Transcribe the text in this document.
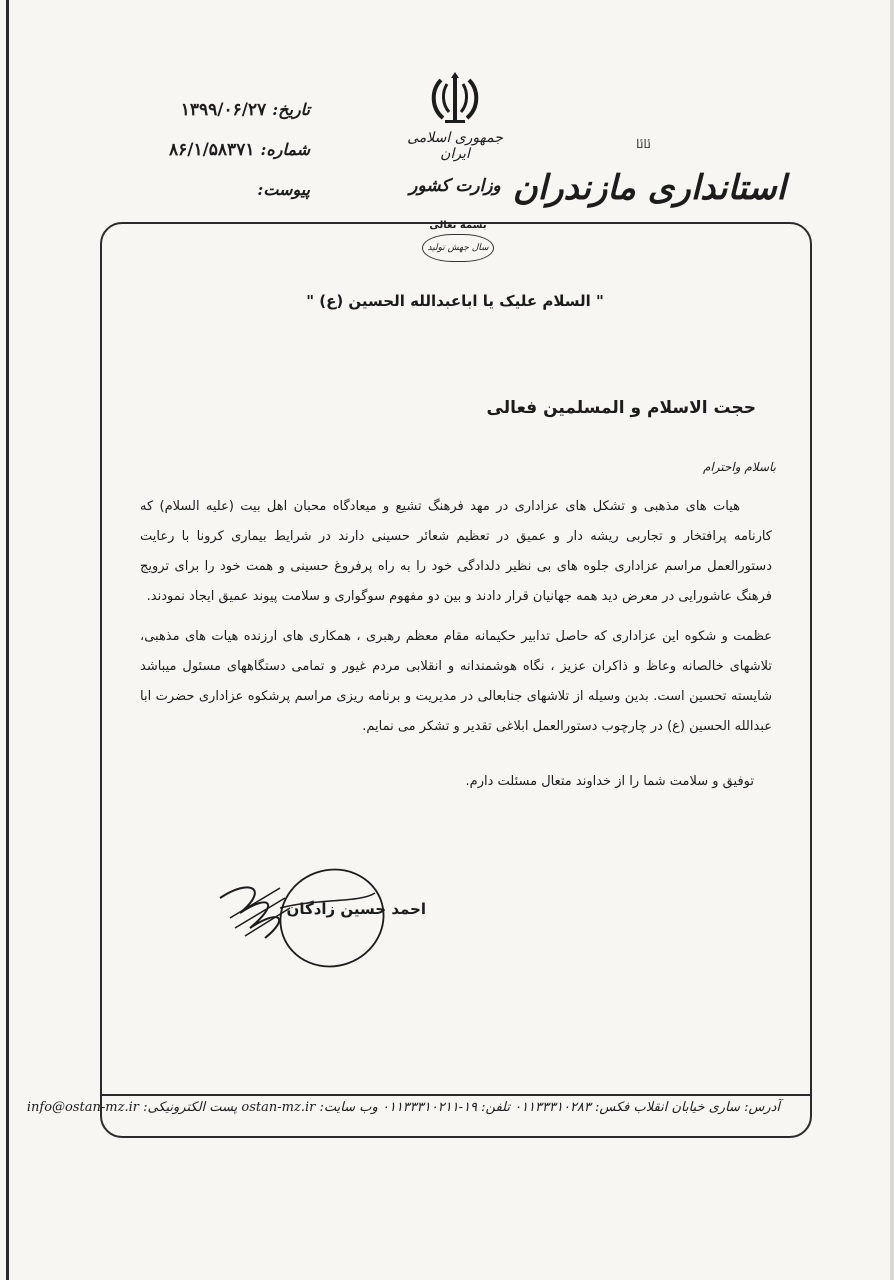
تاریخ:
۱۳۹۹/۰۶/۲۷
شماره:
۸۶/۱/۵۸۳۷۱
پیوست:
جمهوری اسلامی ایران
وزارت کشور
ﯪﯪ
استانداری مازندران
بسمه تعالی
سال جهش تولید
" السلام علیک یا اباعبدالله الحسین (ع) "
حجت الاسلام و المسلمین فعالی
باسلام واحترام

هیات های مذهبی و تشکل های عزاداری در مهد فرهنگ تشیع و میعادگاه محبان اهل بیت (علیه السلام) که کارنامه پرافتخار و تجاربی ریشه دار و عمیق در تعظیم شعائر حسینی دارند در شرایط بیماری کرونا با رعایت دستورالعمل مراسم عزاداری جلوه های بی نظیر دلدادگی خود را به راه پرفروغ حسینی و همت خود را برای ترویج فرهنگ عاشورایی در معرض دید همه جهانیان قرار دادند و بین دو مفهوم سوگواری و سلامت پیوند عمیق ایجاد نمودند.

عظمت و شکوه این عزاداری که حاصل تدابیر حکیمانه مقام معظم رهبری ، همکاری های ارزنده هیات های مذهبی، تلاشهای خالصانه وعاظ و ذاکران عزیز ، نگاه هوشمندانه و انقلابی مردم غیور و تمامی دستگاههای مسئول میباشد شایسته تحسین است. بدین وسیله از تلاشهای جنابعالی در مدیریت و برنامه ریزی مراسم پرشکوه عزاداری حضرت ابا عبدالله الحسین (ع) در چارچوب دستورالعمل ابلاغی تقدیر و تشکر می نمایم.

توفیق و سلامت شما را از خداوند متعال مسئلت دارم.
احمد حسین زادگان
آدرس: ساری خیابان انقلاب فکس: ۰۱۱۳۳۳۱۰۲۸۳ تلفن: ۱۹-۰۱۱۳۳۳۱۰۲۱۱ وب سایت: ostan-mz.ir پست الکترونیکی: info@ostan-mz.ir
